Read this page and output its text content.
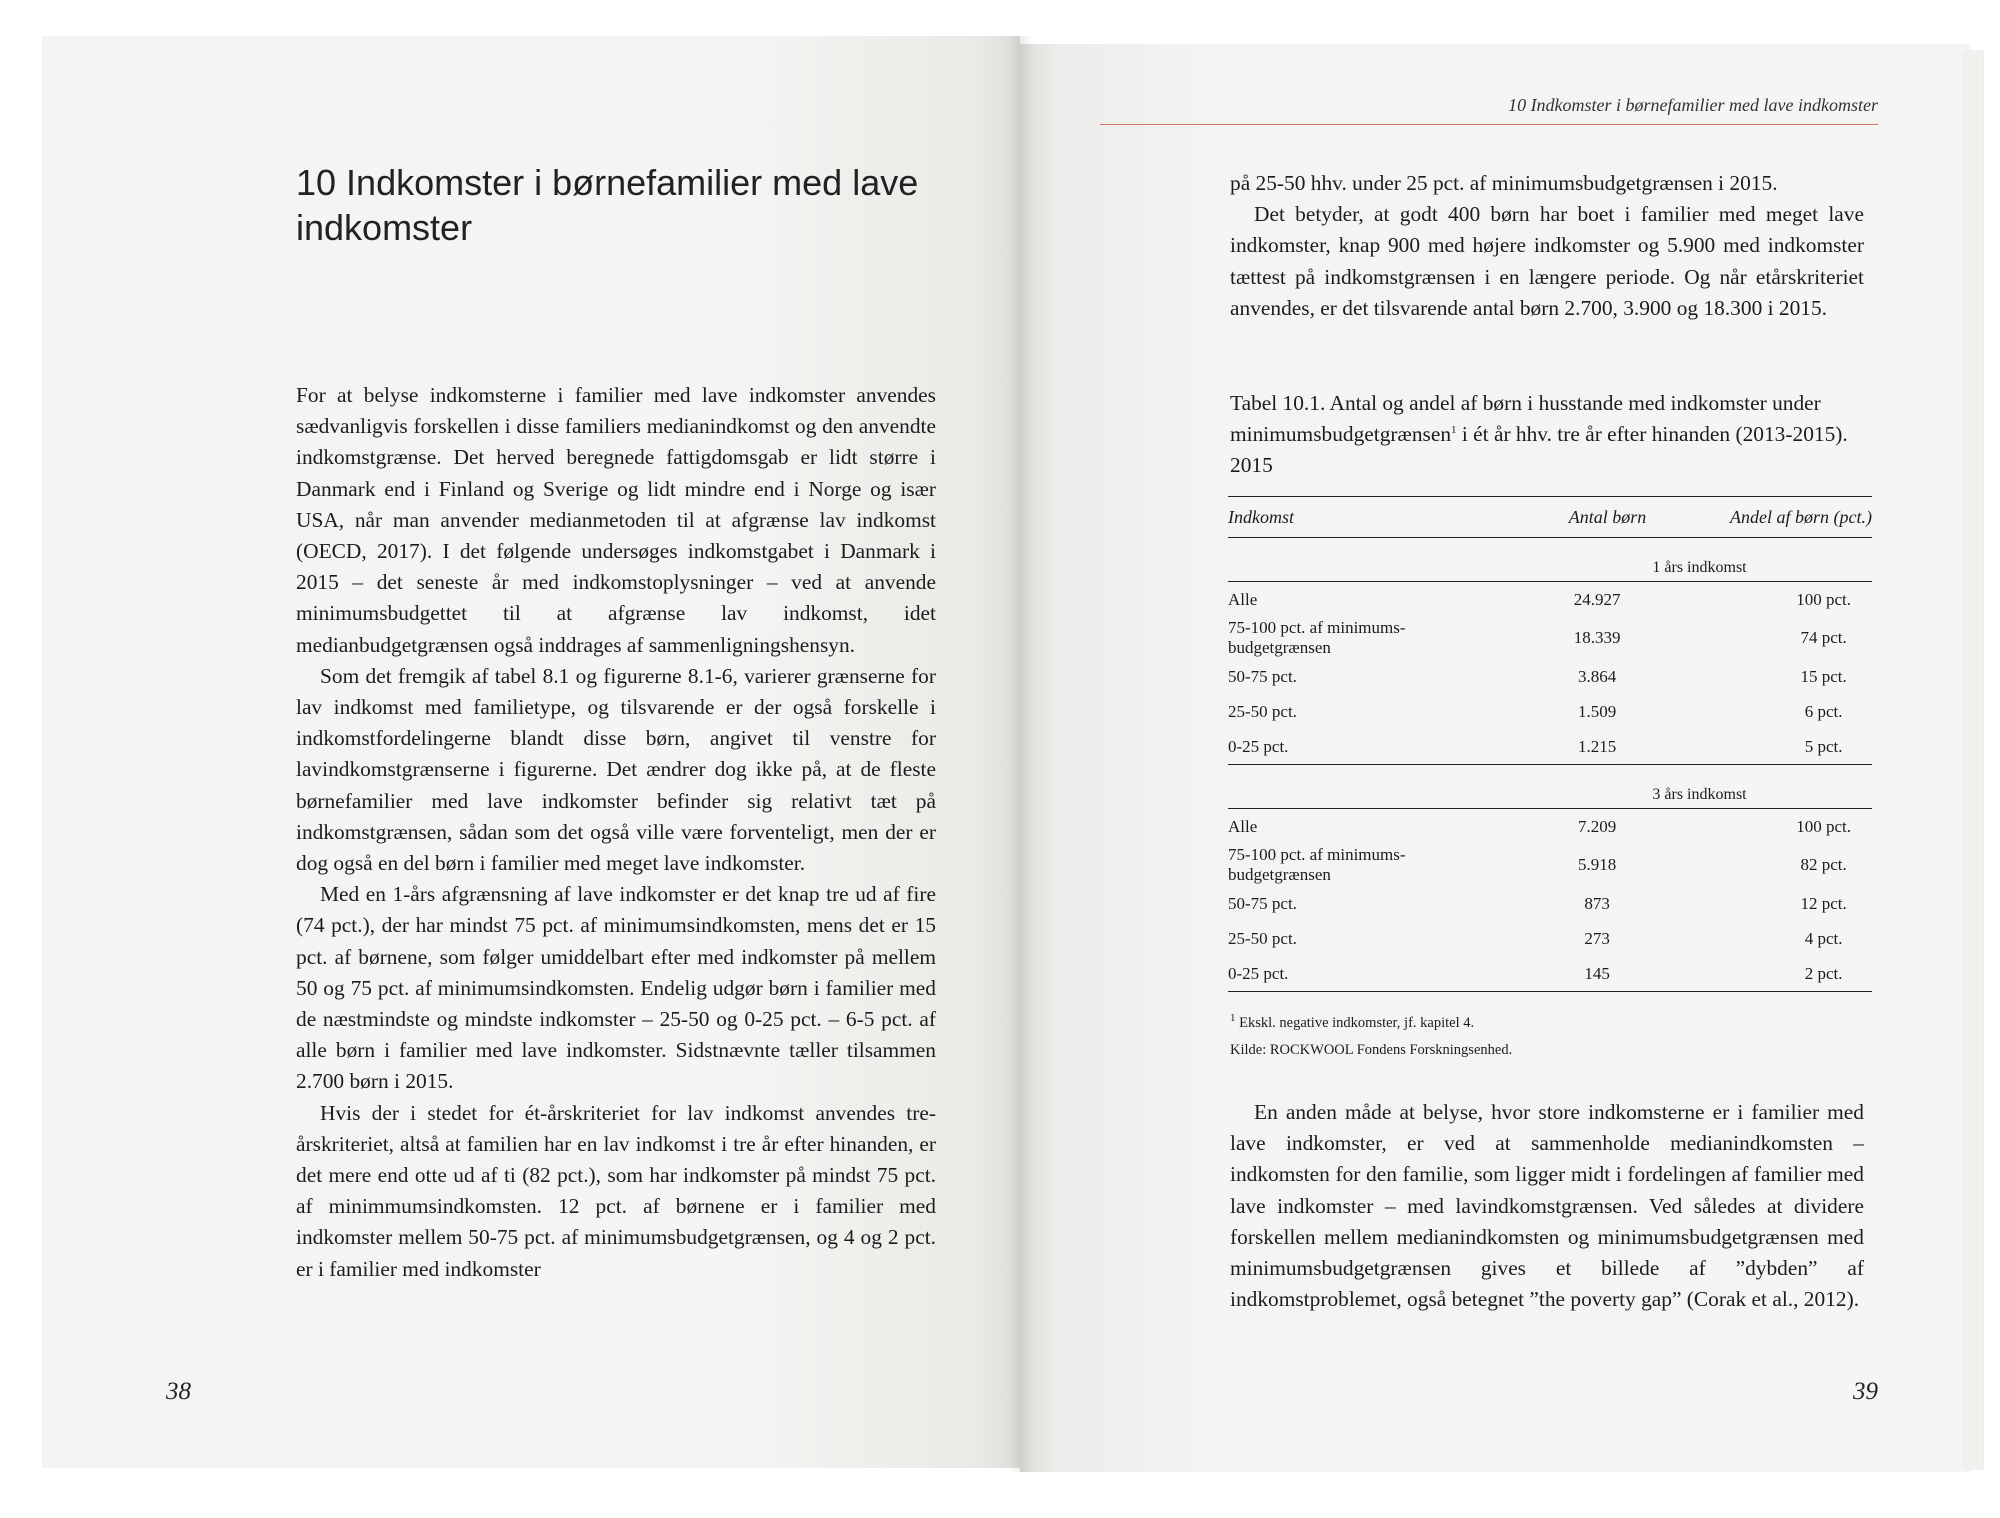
10 Indkomster i børnefamilier med lave indkomster

For at belyse indkomsterne i familier med lave indkomster anvendes sædvanligvis forskellen i disse familiers medianindkomst og den anvendte indkomstgrænse. Det herved beregnede fattigdomsgab er lidt større i Danmark end i Finland og Sverige og lidt mindre end i Norge og især USA, når man anvender medianmetoden til at afgrænse lav indkomst (OECD, 2017). I det følgende undersøges indkomstgabet i Danmark i 2015 – det seneste år med indkomstoplysninger – ved at anvende minimumsbudgettet til at afgrænse lav indkomst, idet medianbudgetgrænsen også inddrages af sammenligningshensyn.

Som det fremgik af tabel 8.1 og figurerne 8.1-6, varierer grænserne for lav indkomst med familietype, og tilsvarende er der også forskelle i indkomstfordelingerne blandt disse børn, angivet til venstre for lavindkomstgrænserne i figurerne. Det ændrer dog ikke på, at de fleste børnefamilier med lave indkomster befinder sig relativt tæt på indkomstgrænsen, sådan som det også ville være forventeligt, men der er dog også en del børn i familier med meget lave indkomster.

Med en 1-års afgrænsning af lave indkomster er det knap tre ud af fire (74 pct.), der har mindst 75 pct. af minimumsindkomsten, mens det er 15 pct. af børnene, som følger umiddelbart efter med indkomster på mellem 50 og 75 pct. af minimumsindkomsten. Endelig udgør børn i familier med de næstmindste og mindste indkomster – 25-50 og 0-25 pct. – 6-5 pct. af alle børn i familier med lave indkomster. Sidstnævnte tæller tilsammen 2.700 børn i 2015.

Hvis der i stedet for ét-årskriteriet for lav indkomst anvendes tre-årskriteriet, altså at familien har en lav indkomst i tre år efter hinanden, er det mere end otte ud af ti (82 pct.), som har indkomster på mindst 75 pct. af minimmumsindkomsten. 12 pct. af børnene er i familier med indkomster mellem 50-75 pct. af minimumsbudgetgrænsen, og 4 og 2 pct. er i familier med indkomster

38
10 Indkomster i børnefamilier med lave indkomster

på 25-50 hhv. under 25 pct. af minimumsbudgetgrænsen i 2015.

Det betyder, at godt 400 børn har boet i familier med meget lave indkomster, knap 900 med højere indkomster og 5.900 med indkomster tættest på indkomstgrænsen i en længere periode. Og når etårskriteriet anvendes, er det tilsvarende antal børn 2.700, 3.900 og 18.300 i 2015.

Tabel 10.1. Antal og andel af børn i husstande med indkomster under minimumsbudgetgrænsen$^1$ i ét år hhv. tre år efter hinanden (2013-2015). 2015

Indkomst	Antal børn	Andel af børn (pct.)
1 års indkomst		
Alle	24.927	100 pct.
75-100 pct. af minimums-budgetgrænsen	18.339	74 pct.
50-75 pct.	3.864	15 pct.
25-50 pct.	1.509	6 pct.
0-25 pct.	1.215	5 pct.
3 års indkomst		
Alle	7.209	100 pct.
75-100 pct. af minimums-budgetgrænsen	5.918	82 pct.
50-75 pct.	873	12 pct.
25-50 pct.	273	4 pct.
0-25 pct.	145	2 pct.

$^1$ Ekskl. negative indkomster, jf. kapitel 4.

Kilde: ROCKWOOL Fondens Forskningsenhed.

En anden måde at belyse, hvor store indkomsterne er i familier med lave indkomster, er ved at sammenholde medianindkomsten – indkomsten for den familie, som ligger midt i fordelingen af familier med lave indkomster – med lavindkomstgrænsen. Ved således at dividere forskellen mellem medianindkomsten og minimumsbudgetgrænsen med minimumsbudgetgrænsen gives et billede af ”dybden” af indkomstproblemet, også betegnet ”the poverty gap” (Corak et al., 2012).

39
